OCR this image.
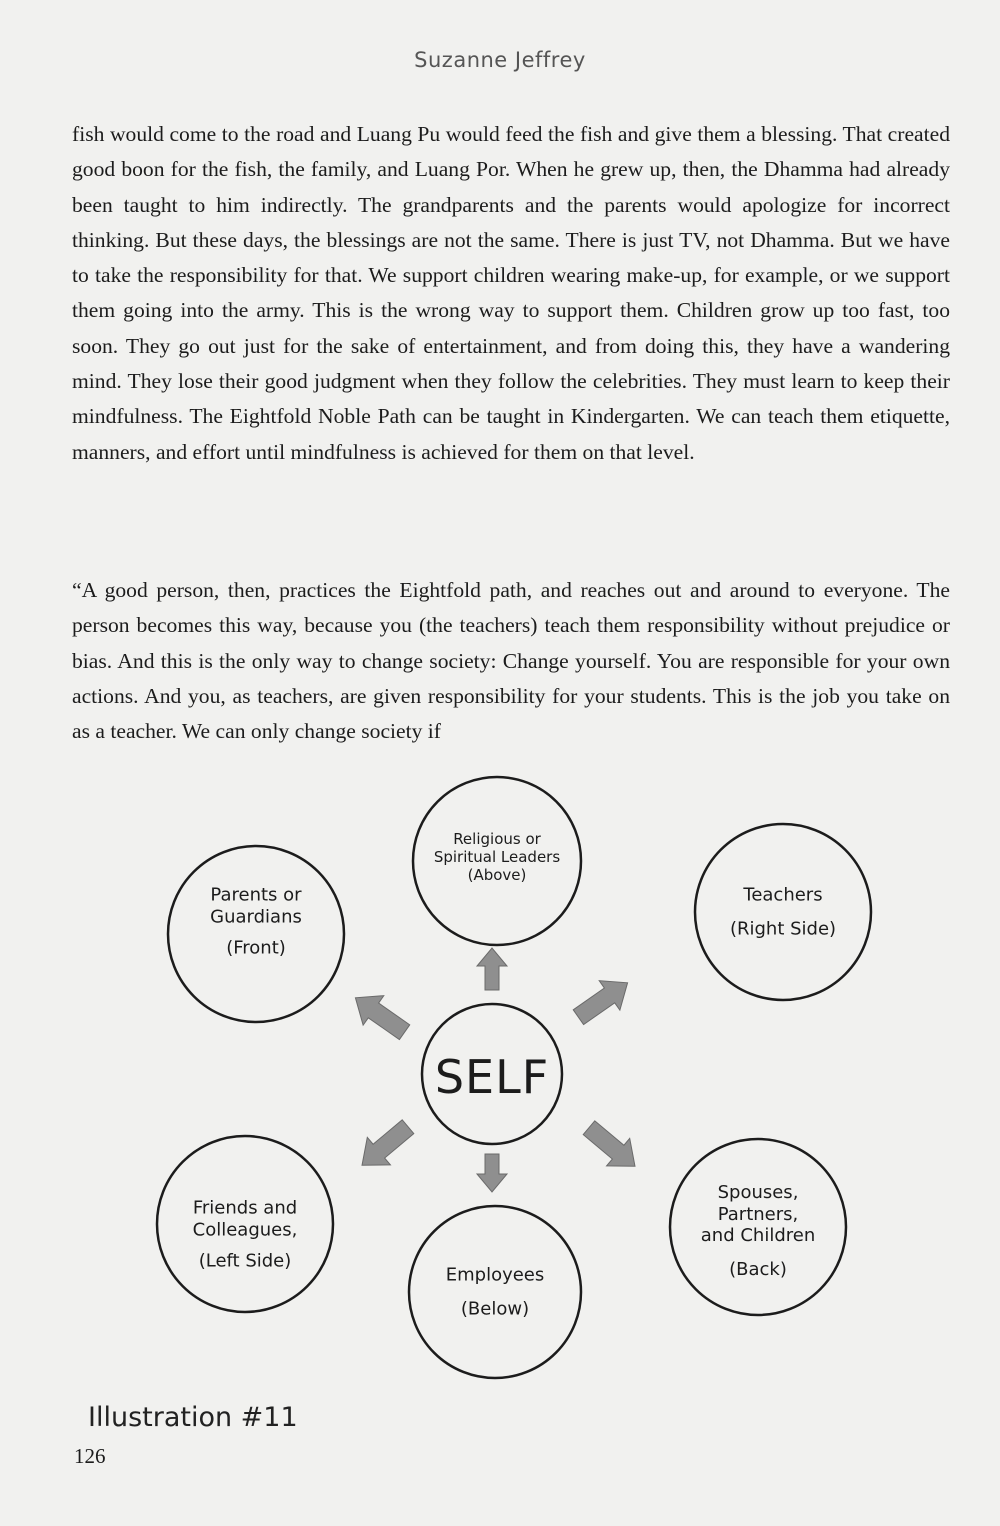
Suzanne Jeffrey

fish would come to the road and Luang Pu would feed the fish and give them a blessing. That created good boon for the fish, the family, and Luang Por. When he grew up, then, the Dhamma had already been taught to him indirectly. The grandparents and the parents would apologize for incorrect thinking. But these days, the blessings are not the same. There is just TV, not Dhamma. But we have to take the responsibility for that. We support children wearing make-up, for example, or we support them going into the army. This is the wrong way to support them. Children grow up too fast, too soon. They go out just for the sake of entertainment, and from doing this, they have a wandering mind. They lose their good judgment when they follow the celebrities. They must learn to keep their mindfulness. The Eightfold Noble Path can be taught in Kindergarten. We can teach them etiquette, manners, and effort until mindfulness is achieved for them on that level.

“A good person, then, practices the Eightfold path, and reaches out and around to everyone. The person becomes this way, because you (the teachers) teach them responsibility without prejudice or bias. And this is the only way to change society: Change yourself. You are responsible for your own actions. And you, as teachers, are given responsibility for your students. This is the job you take on as a teacher. We can only change society if

Religious or
Spiritual Leaders
(Above)
Parents or
Guardians
(Front)
Teachers
(Right Side)
SELF
Friends and
Colleagues,
(Left Side)
Employees
(Below)
Spouses,
Partners,
and Children
(Back)
Illustration #11
126
